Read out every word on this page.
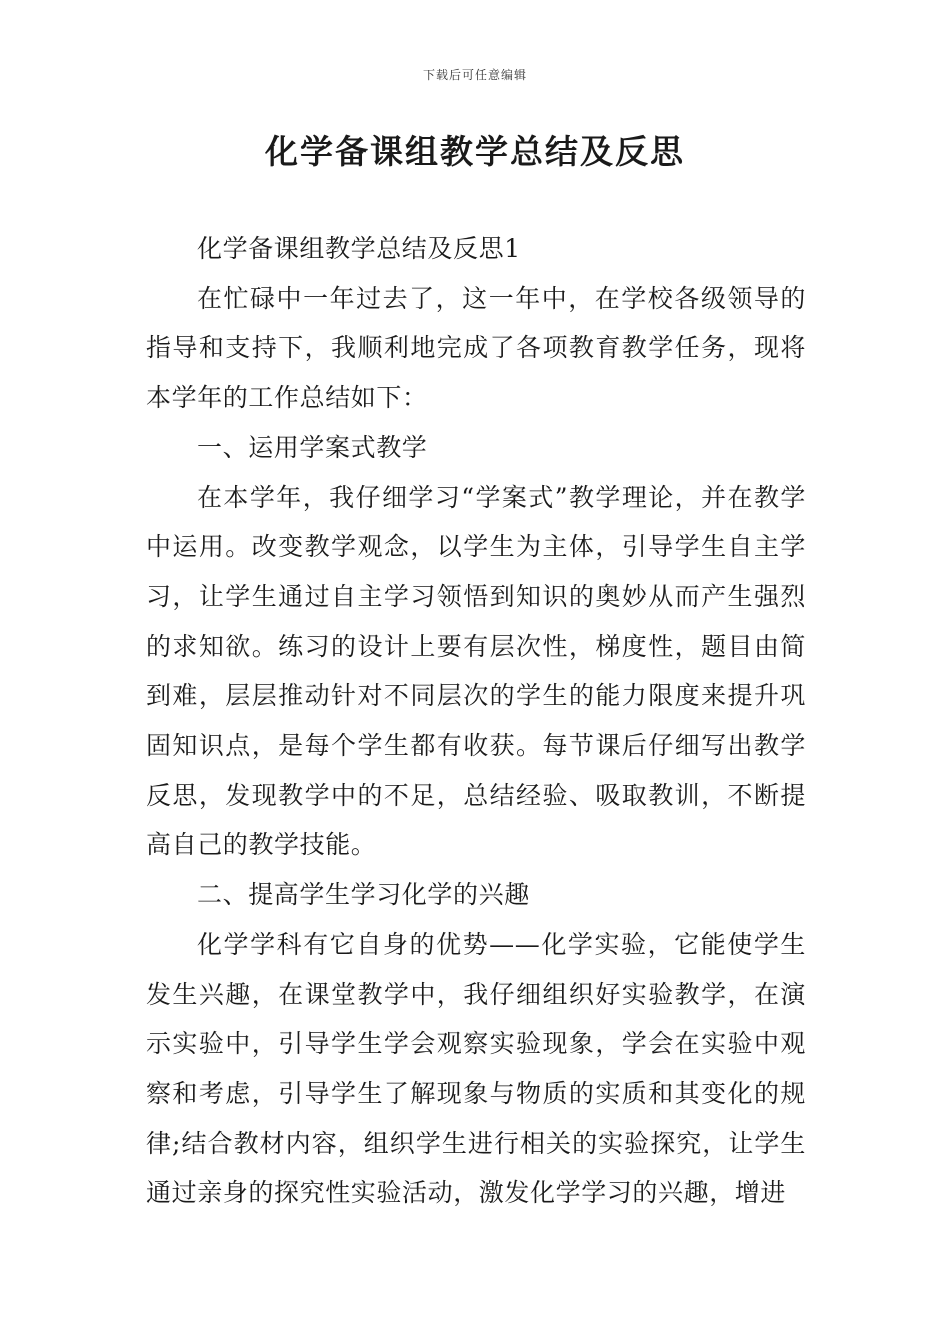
下载后可任意编辑
化学备课组教学总结及反思

化学备课组教学总结及反思1

在忙碌中一年过去了，这一年中，在学校各级领导的指导和支持下，我顺利地完成了各项教育教学任务，现将本学年的工作总结如下：

一、运用学案式教学

在本学年，我仔细学习“学案式”教学理论，并在教学中运用。改变教学观念，以学生为主体，引导学生自主学习，让学生通过自主学习领悟到知识的奥妙从而产生强烈的求知欲。练习的设计上要有层次性，梯度性，题目由简到难，层层推动针对不同层次的学生的能力限度来提升巩固知识点，是每个学生都有收获。每节课后仔细写出教学反思，发现教学中的不足，总结经验、吸取教训，不断提高自己的教学技能。

二、提高学生学习化学的兴趣

化学学科有它自身的优势——化学实验，它能使学生发生兴趣，在课堂教学中，我仔细组织好实验教学，在演示实验中，引导学生学会观察实验现象，学会在实验中观察和考虑，引导学生了解现象与物质的实质和其变化的规律;结合教材内容，组织学生进行相关的实验探究，让学生通过亲身的探究性实验活动，激发化学学习的兴趣，增进
